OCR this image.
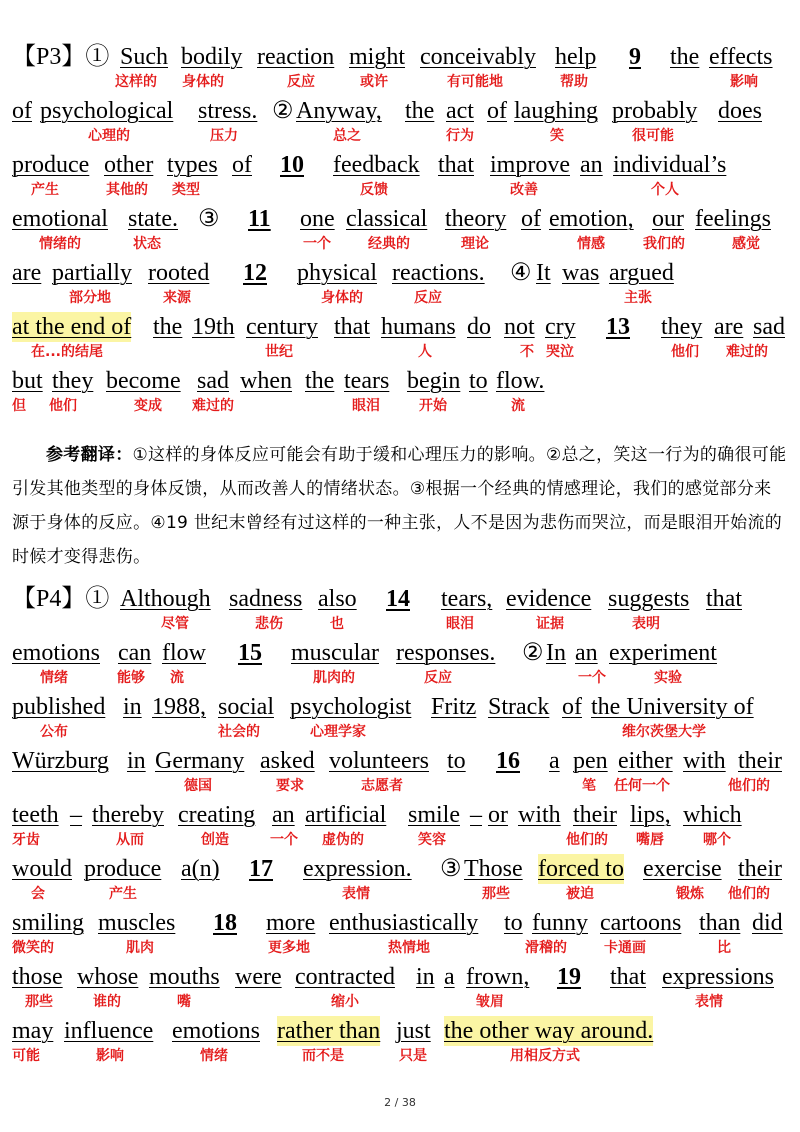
【P3】① Such bodily reaction might conceivably help 9 the effects
这样的 身体的	反应	或许	有可能地	帮助	影响
of psychological stress. ② Anyway, the act of laughing probably does
心理的	压力	总之	行为	笑	很可能
produce other types of 10 feedback that improve an individual’s
产生	其他的 类型	反馈	改善	个人
emotional state. ③ 11 one classical theory of emotion, our feelings
情绪的	状态	一个	经典的	理论	情感	我们的	感觉
are partially rooted 12 physical reactions. ④ It was argued
部分地	来源	身体的	反应	主张
at the end of the 19th century that humans do not cry 13 they are sad
在...的结尾	世纪	人	不 哭泣	他们 难过的
but they become sad when the tears begin to flow.
但 他们	变成 难过的	眼泪	开始	流
参考翻译：①这样的身体反应可能会有助于缓和心理压力的影响。②总之，笑这一行为的确很可能引发其他类型的身体反馈，从而改善人的情绪状态。③根据一个经典的情感理论，我们的感觉部分来源于身体的反应。④19 世纪末曾经有过这样的一种主张，人不是因为悲伤而哭泣，而是眼泪开始流的时候才变得悲伤。
【P4】① Although sadness also 14 tears, evidence suggests that
尽管	悲伤	也	眼泪	证据	表明
emotions can flow 15 muscular responses. ② In an experiment
情绪	能够 流	肌肉的	反应	一个	实验
published in 1988, social psychologist Fritz Strack of the University of
公布	社会的	心理学家	维尔茨堡大学
Würzburg in Germany asked volunteers to 16 a pen either with their
德国	要求	志愿者	笔 任何一个	他们的
teeth – thereby creating an artificial smile – or with their lips, which
牙齿	从而	创造	一个 虚伪的	笑容	他们的 嘴唇	哪个
would produce a(n) 17 expression. ③ Those forced to exercise their
会	产生	表情	那些	被迫	锻炼 他们的
smiling muscles 18 more enthusiastically to funny cartoons than did
微笑的	肌肉	更多地	热情地	滑稽的	卡通画	比
those whose mouths were contracted in a frown, 19 that expressions
那些	谁的	嘴	缩小	皱眉	表情
may influence emotions rather than just the other way around.
可能	影响	情绪	而不是	只是	用相反方式
2 / 38
